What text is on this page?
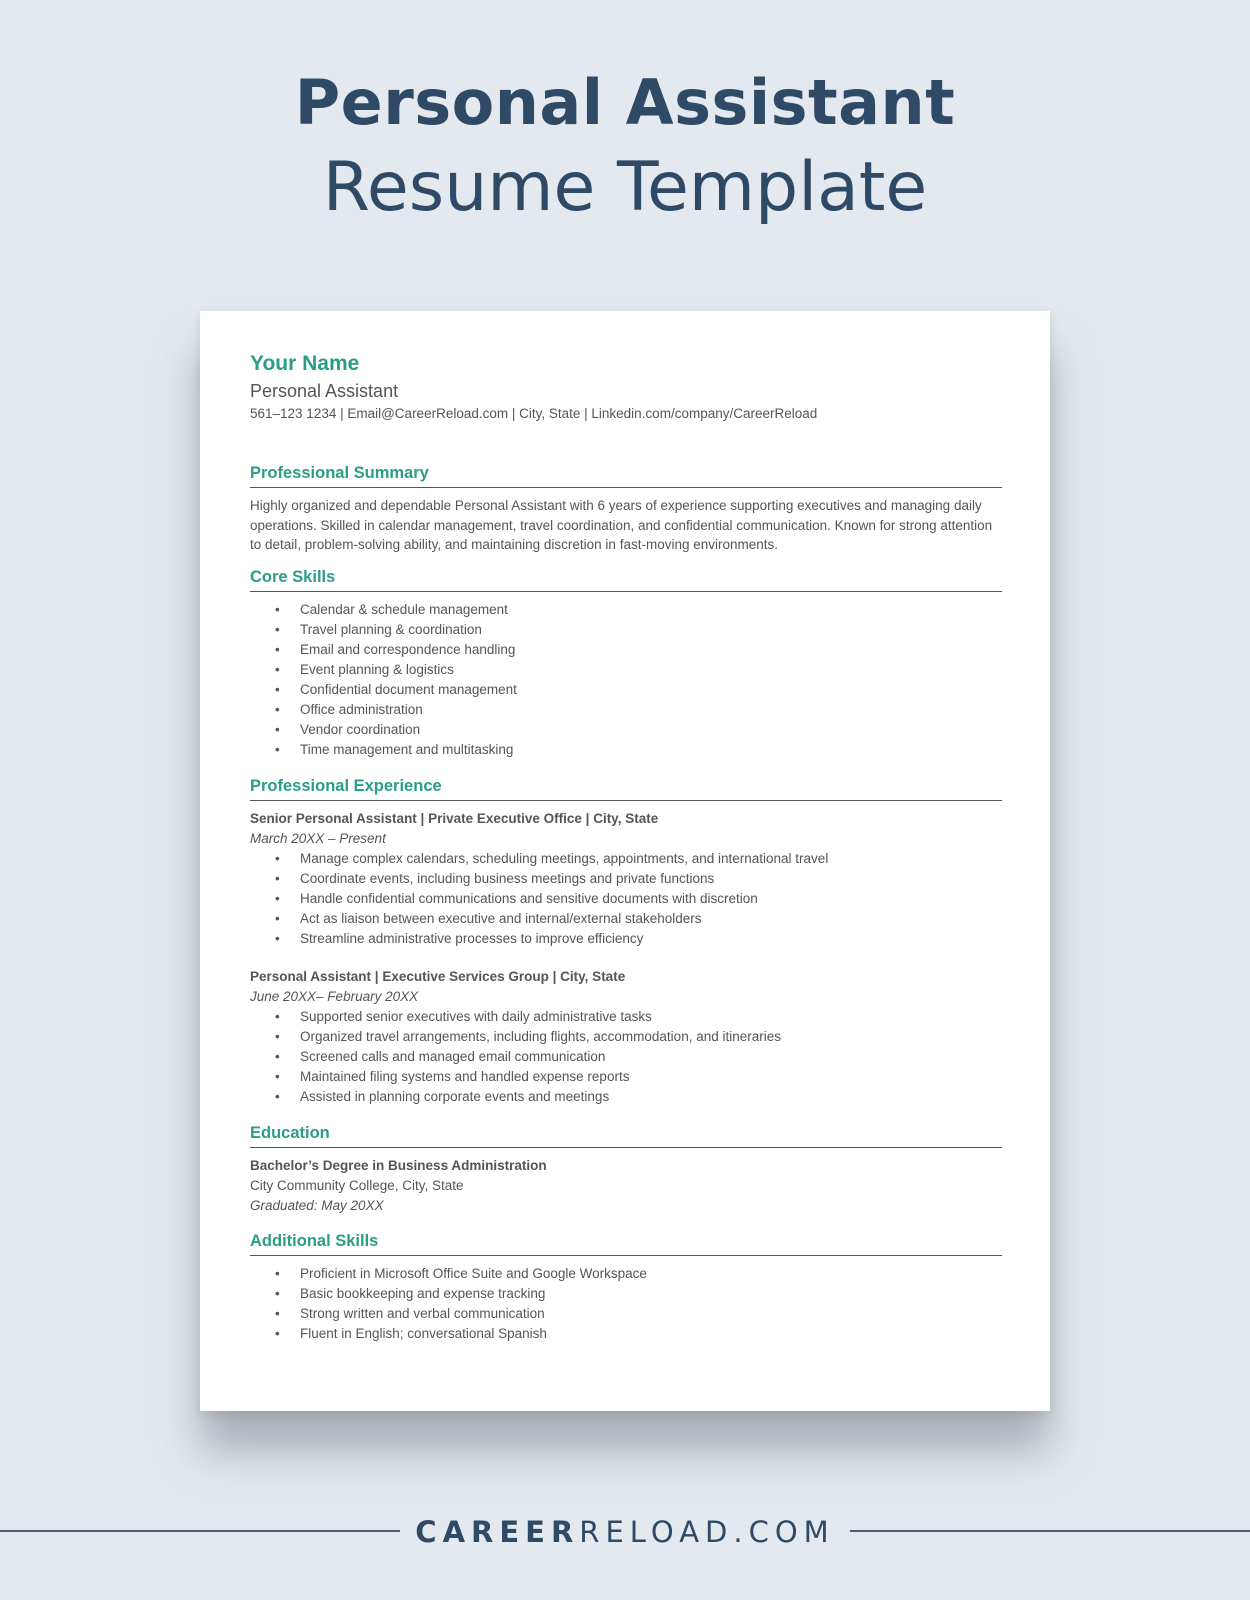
Personal Assistant
Resume Template
Your Name
Personal Assistant
561–123 1234 | Email@CareerReload.com | City, State | Linkedin.com/company/CareerReload
Professional Summary

Highly organized and dependable Personal Assistant with 6 years of experience supporting executives and managing daily operations. Skilled in calendar management, travel coordination, and confidential communication. Known for strong attention to detail, problem-solving ability, and maintaining discretion in fast-moving environments.

Core Skills
• Calendar & schedule management
• Travel planning & coordination
• Email and correspondence handling
• Event planning & logistics
• Confidential document management
• Office administration
• Vendor coordination
• Time management and multitasking
Professional Experience
Senior Personal Assistant | Private Executive Office | City, State
March 20XX – Present
• Manage complex calendars, scheduling meetings, appointments, and international travel
• Coordinate events, including business meetings and private functions
• Handle confidential communications and sensitive documents with discretion
• Act as liaison between executive and internal/external stakeholders
• Streamline administrative processes to improve efficiency
Personal Assistant | Executive Services Group | City, State
June 20XX– February 20XX
• Supported senior executives with daily administrative tasks
• Organized travel arrangements, including flights, accommodation, and itineraries
• Screened calls and managed email communication
• Maintained filing systems and handled expense reports
• Assisted in planning corporate events and meetings
Education
Bachelor’s Degree in Business Administration
City Community College, City, State
Graduated: May 20XX
Additional Skills
• Proficient in Microsoft Office Suite and Google Workspace
• Basic bookkeeping and expense tracking
• Strong written and verbal communication
• Fluent in English; conversational Spanish
CAREERRELOAD.COM
